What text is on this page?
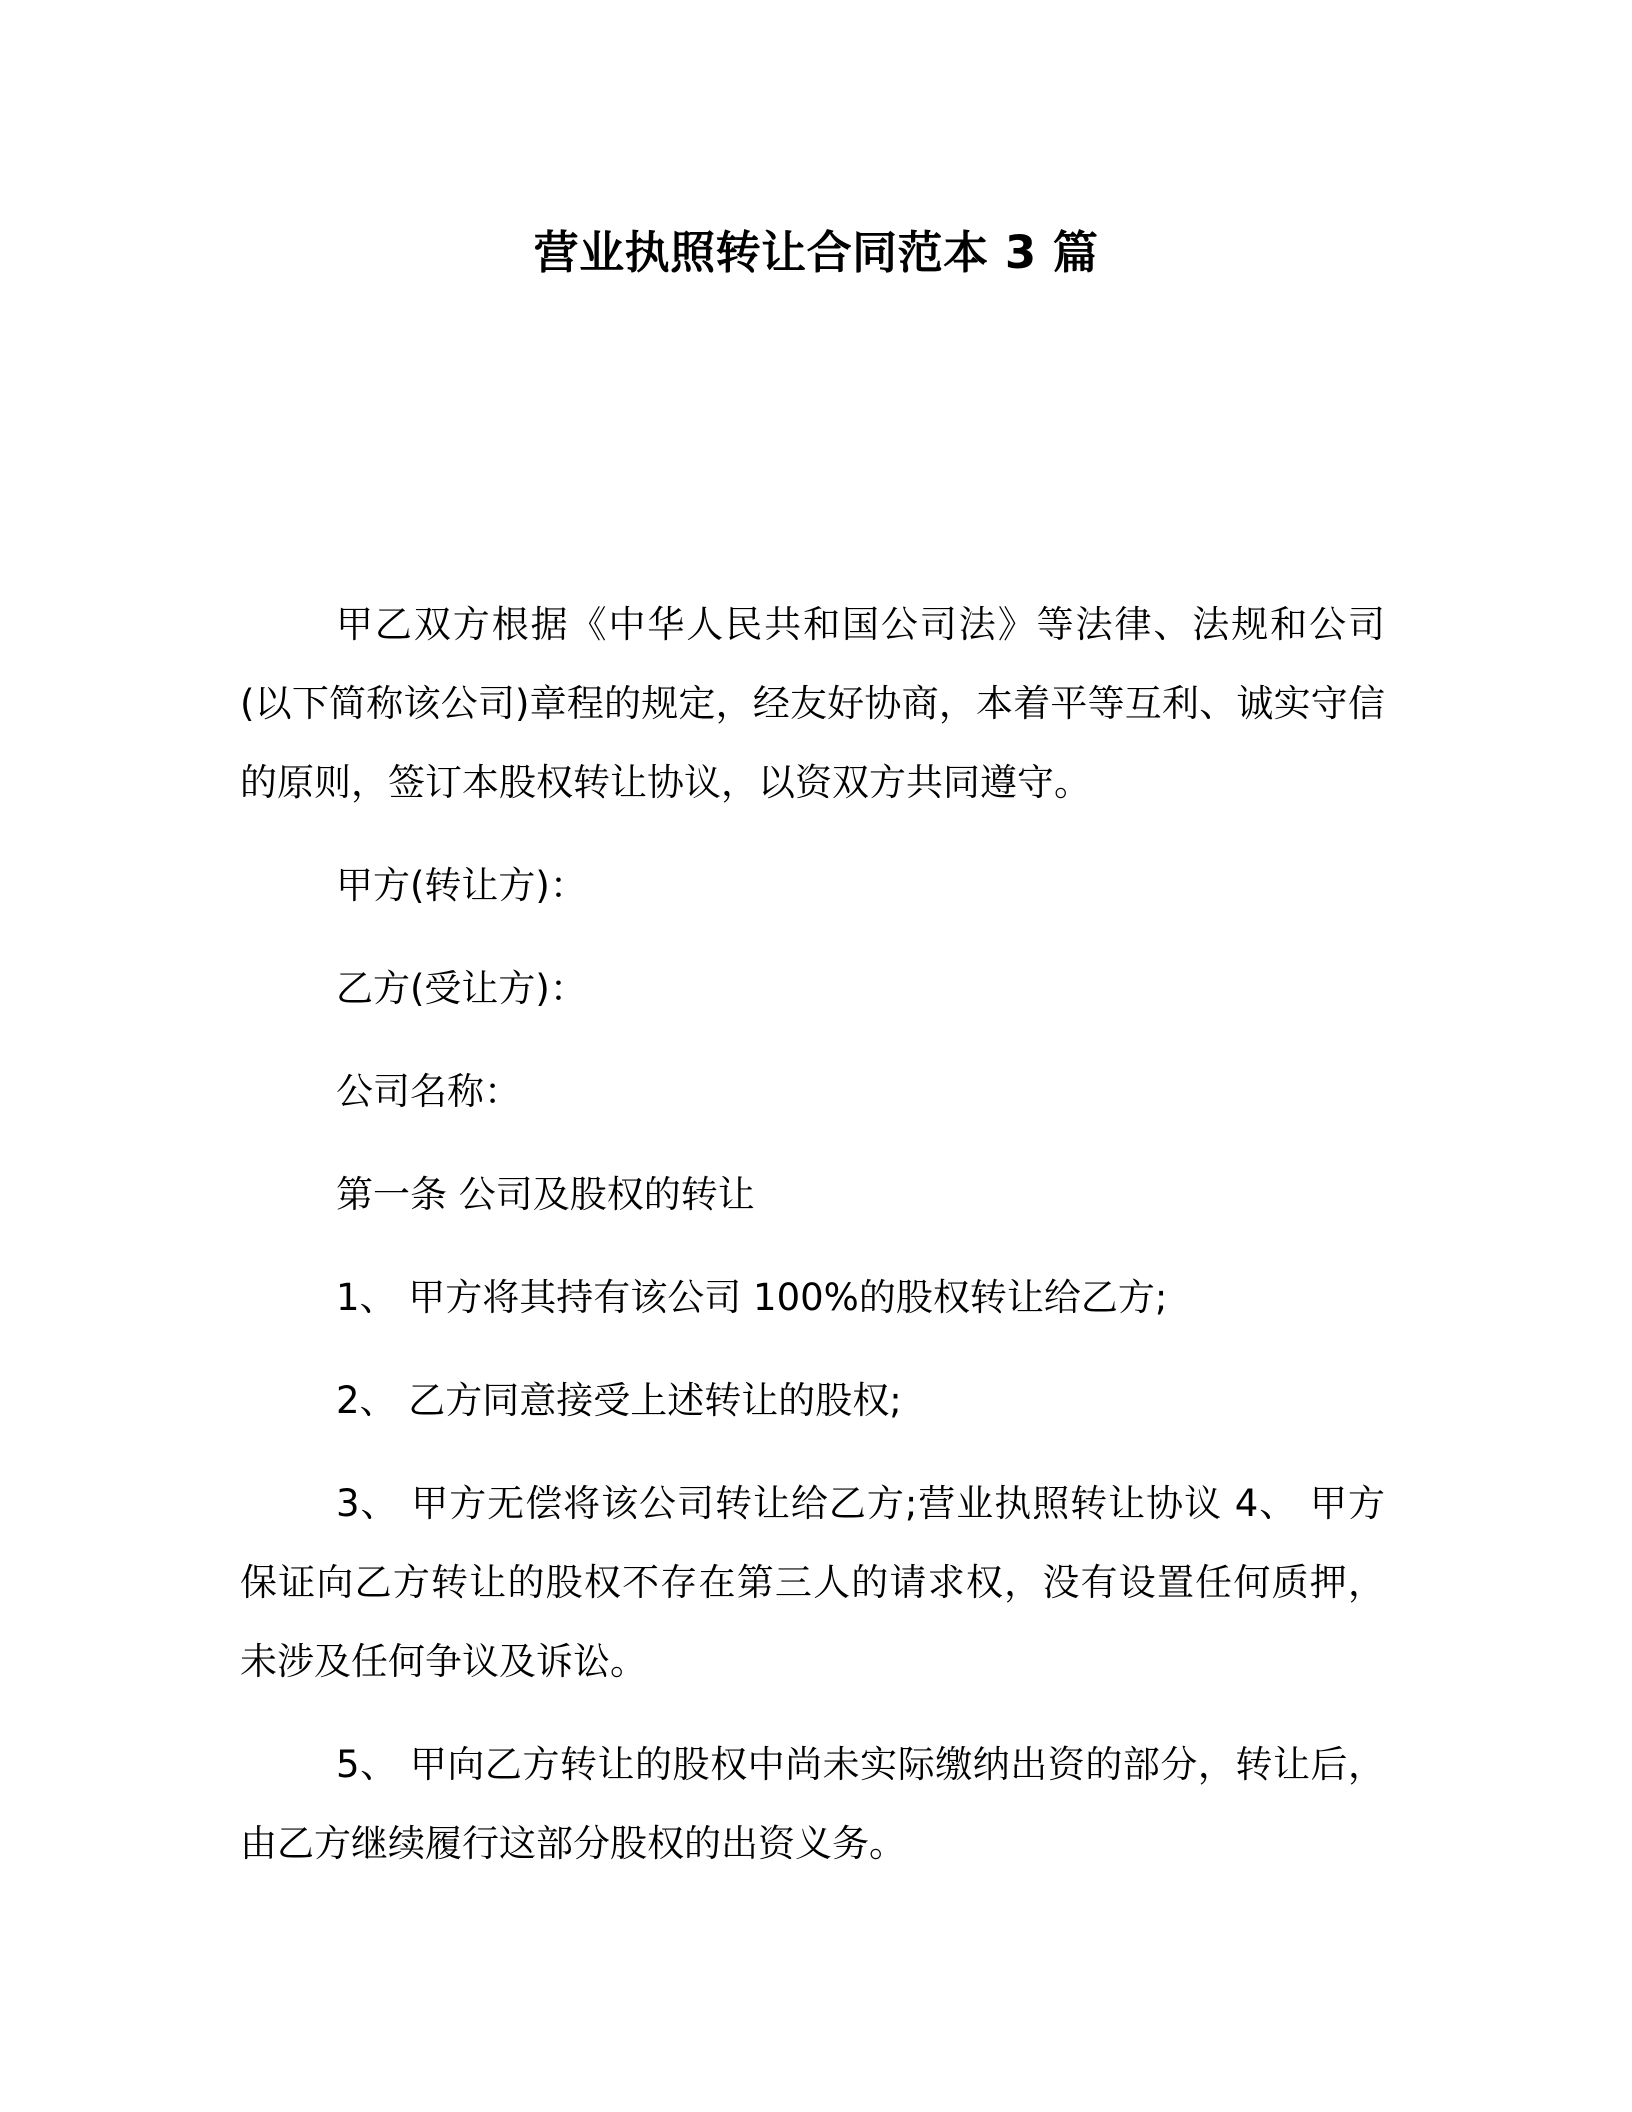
营业执照转让合同范本 3 篇

甲乙双方根据《中华人民共和国公司法》等法律、法规和公司(以下简称该公司)章程的规定，经友好协商，本着平等互利、诚实守信的原则，签订本股权转让协议，以资双方共同遵守。

甲方(转让方)：

乙方(受让方)：

公司名称：

第一条 公司及股权的转让

1、 甲方将其持有该公司 100%的股权转让给乙方;

2、 乙方同意接受上述转让的股权;

3、 甲方无偿将该公司转让给乙方;营业执照转让协议 4、 甲方保证向乙方转让的股权不存在第三人的请求权，没有设置任何质押，未涉及任何争议及诉讼。

5、 甲向乙方转让的股权中尚未实际缴纳出资的部分，转让后，由乙方继续履行这部分股权的出资义务。
